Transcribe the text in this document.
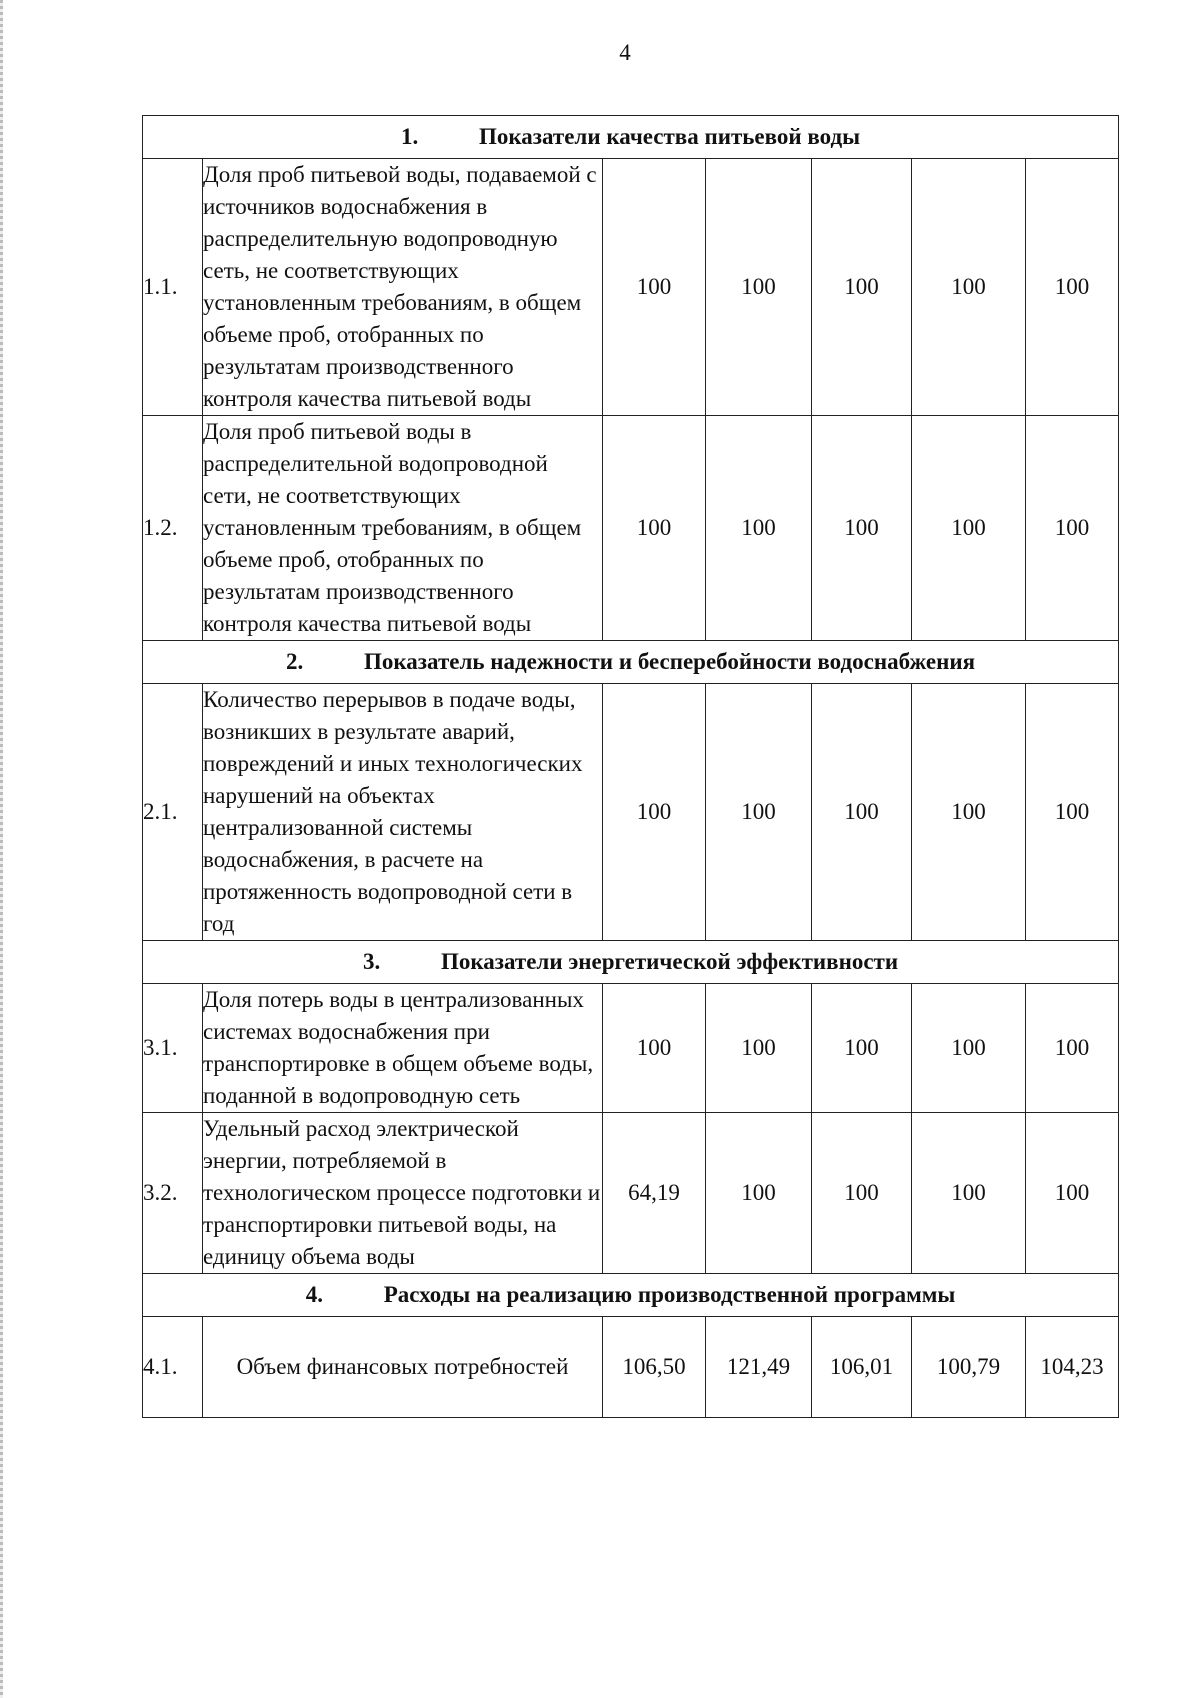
4
1. Показатели качества питьевой воды						
1.1.	Доля проб питьевой воды, подаваемой с источников водоснабжения в распределительную водопроводную сеть, не соответствующих установленным требованиям, в общем объеме проб, отобранных по результатам производственного контроля качества питьевой воды	100	100	100	100	100
1.2.	Доля проб питьевой воды в распределительной водопроводной сети, не соответствующих установленным требованиям, в общем объеме проб, отобранных по результатам производственного контроля качества питьевой воды	100	100	100	100	100
2. Показатель надежности и бесперебойности водоснабжения						
2.1.	Количество перерывов в подаче воды, возникших в результате аварий, повреждений и иных технологических нарушений на объектах централизованной системы водоснабжения, в расчете на протяженность водопроводной сети в год	100	100	100	100	100
3. Показатели энергетической эффективности						
3.1.	Доля потерь воды в централизованных системах водоснабжения при транспортировке в общем объеме воды, поданной в водопроводную сеть	100	100	100	100	100
3.2.	Удельный расход электрической энергии, потребляемой в технологическом процессе подготовки и транспортировки питьевой воды, на единицу объема воды	64,19	100	100	100	100
4. Расходы на реализацию производственной программы						
4.1.	Объем финансовых потребностей	106,50	121,49	106,01	100,79	104,23
